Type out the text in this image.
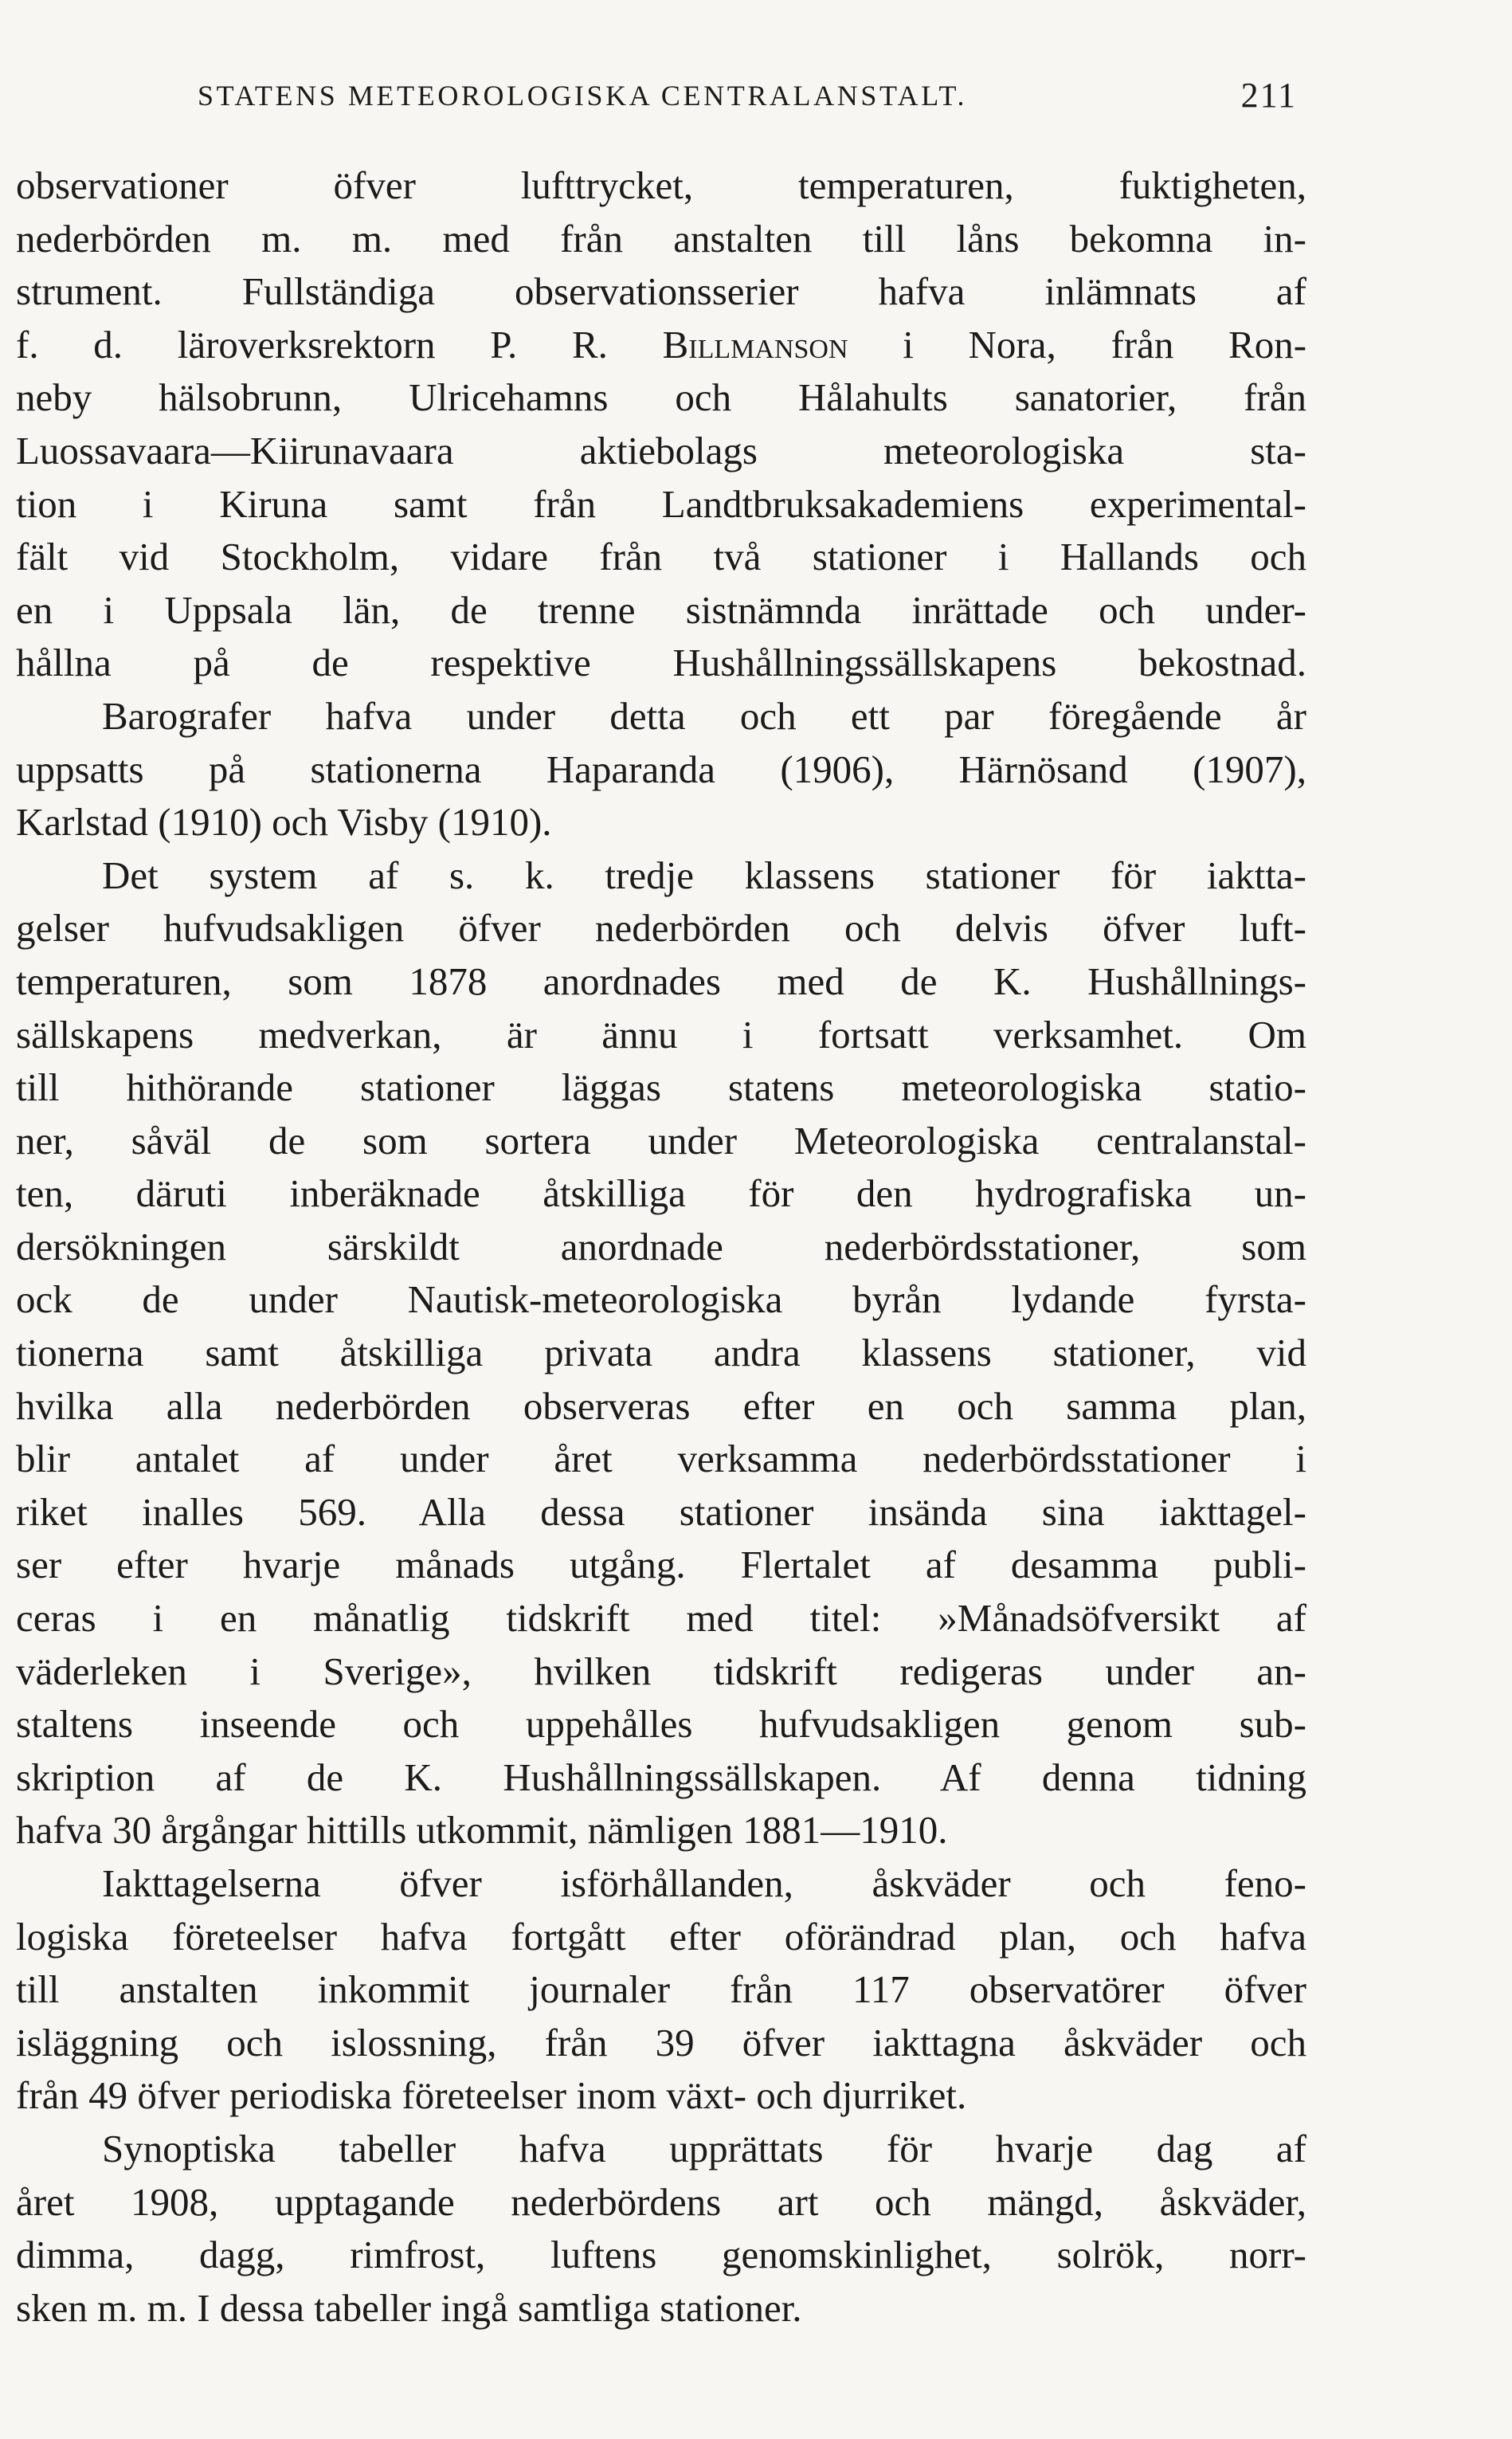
STATENS METEOROLOGISKA CENTRALANSTALT.	211
observationer öfver lufttrycket, temperaturen, fuktigheten,
nederbörden m. m. med från anstalten till låns bekomna in-
strument. Fullständiga observationsserier hafva inlämnats af
f. d. läroverksrektorn P. R. Billmanson i Nora, från Ron-
neby hälsobrunn, Ulricehamns och Hålahults sanatorier, från
Luossavaara—Kiirunavaara aktiebolags meteorologiska sta-
tion i Kiruna samt från Landtbruksakademiens experimental-
fält vid Stockholm, vidare från två stationer i Hallands och
en i Uppsala län, de trenne sistnämnda inrättade och under-
hållna på de respektive Hushållningssällskapens bekostnad.
Barografer hafva under detta och ett par föregående år
uppsatts på stationerna Haparanda (1906), Härnösand (1907),
Karlstad (1910) och Visby (1910).
Det system af s. k. tredje klassens stationer för iaktta-
gelser hufvudsakligen öfver nederbörden och delvis öfver luft-
temperaturen, som 1878 anordnades med de K. Hushållnings-
sällskapens medverkan, är ännu i fortsatt verksamhet. Om
till hithörande stationer läggas statens meteorologiska statio-
ner, såväl de som sortera under Meteorologiska centralanstal-
ten, däruti inberäknade åtskilliga för den hydrografiska un-
dersökningen särskildt anordnade nederbördsstationer, som
ock de under Nautisk-meteorologiska byrån lydande fyrsta-
tionerna samt åtskilliga privata andra klassens stationer, vid
hvilka alla nederbörden observeras efter en och samma plan,
blir antalet af under året verksamma nederbördsstationer i
riket inalles 569. Alla dessa stationer insända sina iakttagel-
ser efter hvarje månads utgång. Flertalet af desamma publi-
ceras i en månatlig tidskrift med titel: »Månadsöfversikt af
väderleken i Sverige», hvilken tidskrift redigeras under an-
staltens inseende och uppehålles hufvudsakligen genom sub-
skription af de K. Hushållningssällskapen. Af denna tidning
hafva 30 årgångar hittills utkommit, nämligen 1881—1910.
Iakttagelserna öfver isförhållanden, åskväder och feno-
logiska företeelser hafva fortgått efter oförändrad plan, och hafva
till anstalten inkommit journaler från 117 observatörer öfver
isläggning och islossning, från 39 öfver iakttagna åskväder och
från 49 öfver periodiska företeelser inom växt- och djurriket.
Synoptiska tabeller hafva upprättats för hvarje dag af
året 1908, upptagande nederbördens art och mängd, åskväder,
dimma, dagg, rimfrost, luftens genomskinlighet, solrök, norr-
sken m. m. I dessa tabeller ingå samtliga stationer.
